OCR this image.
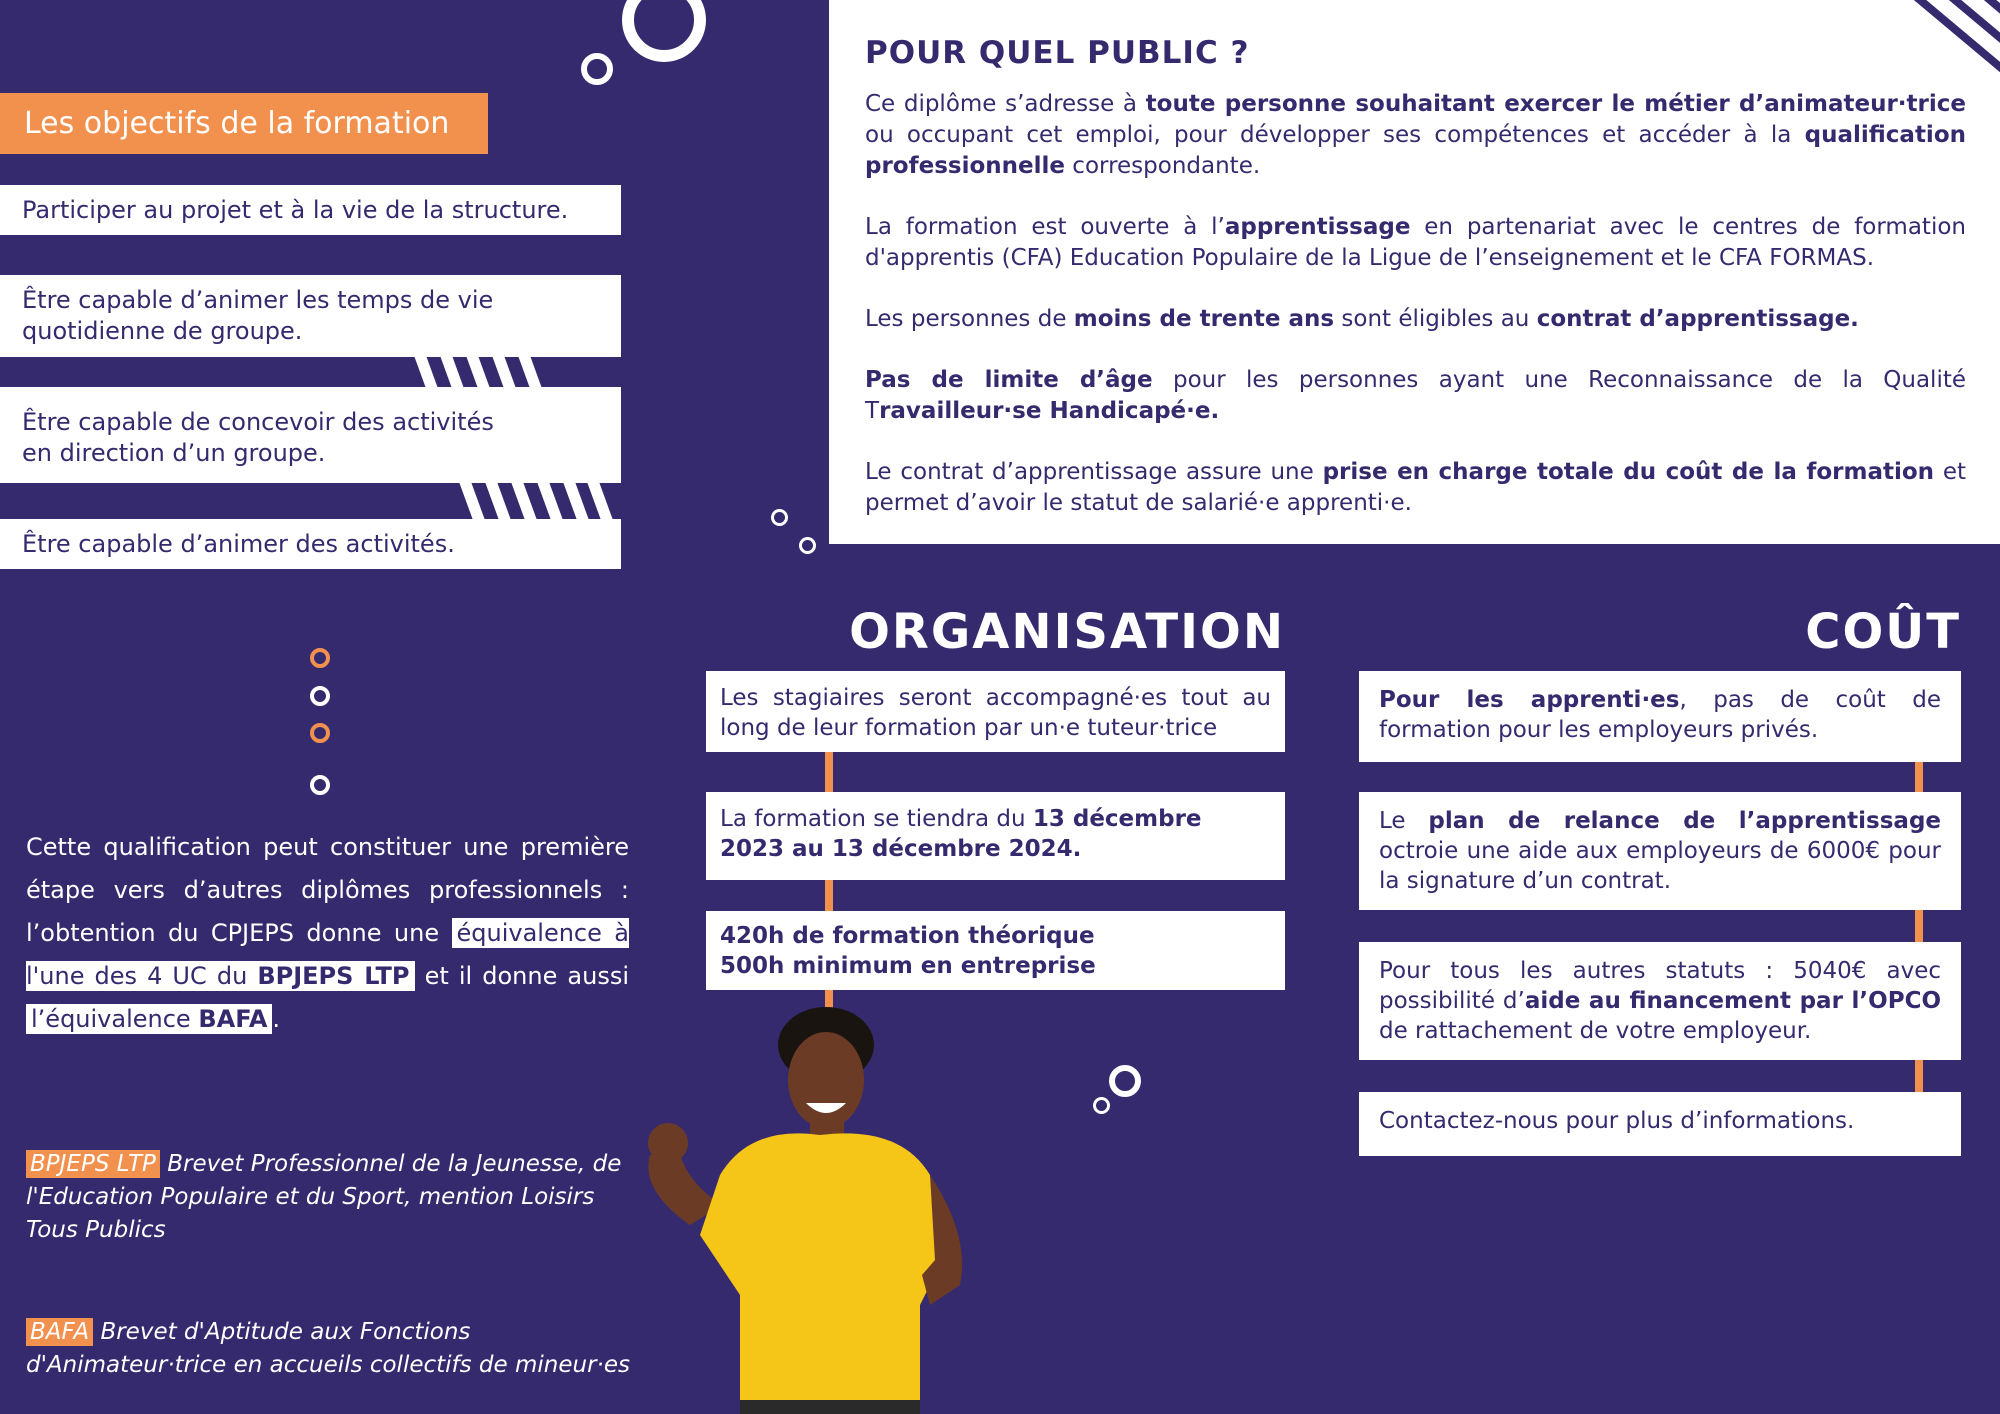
Les objectifs de la formation
Participer au projet et à la vie de la structure.
Être capable d’animer les temps de vie quotidienne de groupe.
Être capable de concevoir des activités en direction d’un groupe.
Être capable d’animer des activités.
POUR QUEL PUBLIC ?

Ce diplôme s’adresse à toute personne souhaitant exercer le métier d’animateur·trice ou occupant cet emploi, pour développer ses compétences et accéder à la qualification professionnelle correspondante.

La formation est ouverte à l’apprentissage en partenariat avec le centres de formation d'apprentis (CFA) Education Populaire de la Ligue de l’enseignement et le CFA FORMAS.

Les personnes de moins de trente ans sont éligibles au contrat d’apprentissage.

Pas de limite d’âge pour les personnes ayant une Reconnaissance de la Qualité Travailleur·se Handicapé·e.

Le contrat d’apprentissage assure une prise en charge totale du coût de la formation et permet d’avoir le statut de salarié·e apprenti·e.

Cette qualification peut constituer une première étape vers d’autres diplômes professionnels : l’obtention du CPJEPS donne une équivalence à l'une des 4 UC du BPJEPS LTP et il donne aussi l’équivalence BAFA .
BPJEPS LTP Brevet Professionnel de la Jeunesse, de l'Education Populaire et du Sport, mention Loisirs Tous Publics
BAFA Brevet d'Aptitude aux Fonctions d'Animateur·trice en accueils collectifs de mineur·es
ORGANISATION
Les stagiaires seront accompagné·es tout au long de leur formation par un·e tuteur·trice
La formation se tiendra du 13 décembre 2023 au 13 décembre 2024.
420h de formation théorique
500h minimum en entreprise
COÛT
Pour les apprenti·es, pas de coût de formation pour les employeurs privés.
Le plan de relance de l’apprentissage octroie une aide aux employeurs de 6000€ pour la signature d’un contrat.
Pour tous les autres statuts : 5040€ avec possibilité d’aide au financement par l’OPCO de rattachement de votre employeur.
Contactez-nous pour plus d’informations.
